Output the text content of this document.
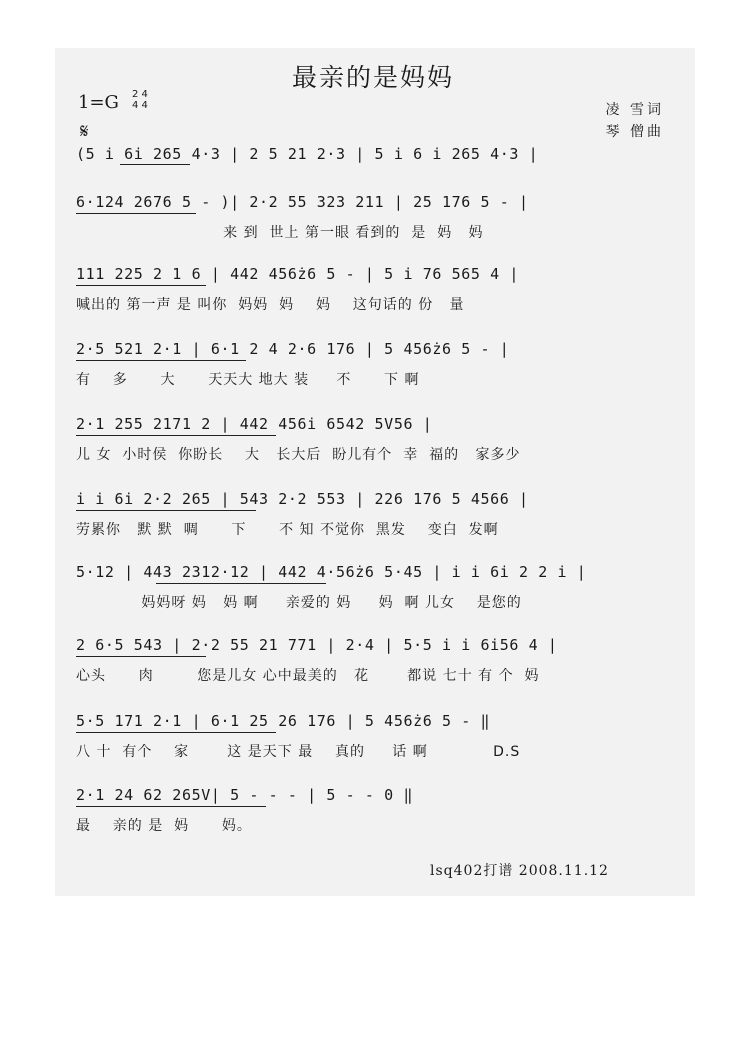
最亲的是妈妈
1=G 2 4
4 4
𝄋
凌 雪词
琴 僧曲
(5 i 6i 265 4·3 | 2 5 21 2·3 | 5 i 6 i 265 4·3 |
6·124 2676 5 - )| 2·2 55 323 211 | 25 176 5 - |
来 到  世上 第一眼 看到的  是  妈   妈
111 225 2 1 6 | 442 456ż6 5 - | 5 i 76 565 4 |
喊出的 第一声 是 叫你  妈妈  妈    妈    这句话的 份   量
2·5 521 2·1 | 6·1 2 4 2·6 176 | 5 456ż6 5 - |
有    多      大      天天大 地大 装     不      下 啊
2·1 255 2171 2 | 442 456i 6542 5V56 |
儿 女  小时侯  你盼长    大   长大后  盼儿有个  幸  福的   家多少
i i 6i 2·2 265 | 543 2·2 553 | 226 176 5 4566 |
劳累你   默 默  啁      下      不 知 不觉你  黑发    变白  发啊
5·12 | 443 2312·12 | 442 4·56ż6 5·45 | i i 6i 2 2 i |
妈妈呀 妈   妈 啊     亲爱的 妈     妈  啊 儿女    是您的
2 6·5 543 | 2·2 55 21 771 | 2·4 | 5·5 i i 6i56 4 |
心头      肉        您是儿女 心中最美的   花       都说 七十 有 个  妈
5·5 171 2·1 | 6·1 25 26 176 | 5 456ż6 5 - ‖
八 十  有个    家       这 是天下 最    真的     话 啊            D.S
2·1 24 62 265V| 5 - - - | 5 - - 0 ‖
最    亲的 是  妈      妈。
lsq402打谱 2008.11.12
